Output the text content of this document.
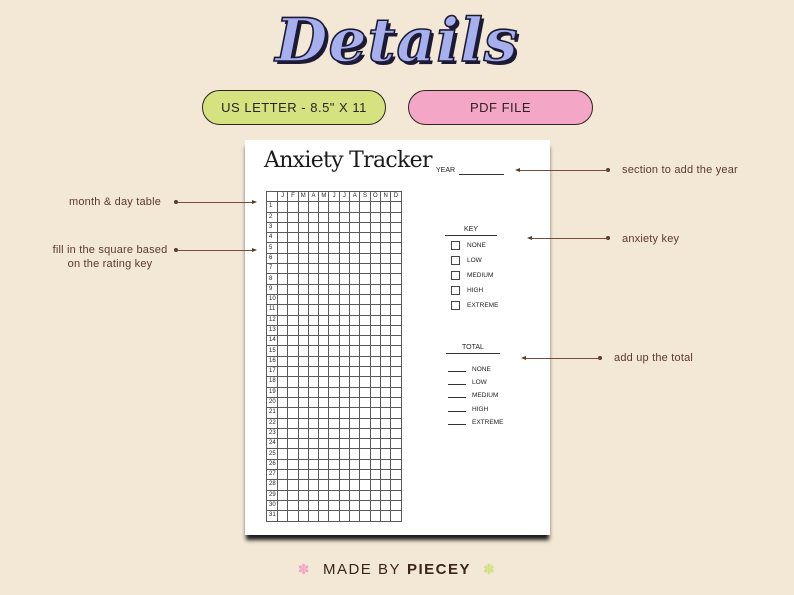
Details
US LETTER - 8.5" X 11	PDF FILE
Anxiety Tracker YEAR
	J	F	M	A	M	J	J	A	S	O	N	D
1												
2												
3												
4												
5												
6												
7												
8												
9												
10												
11												
12												
13												
14												
15												
16												
17												
18												
19												
20												
21												
22												
23												
24												
25												
26												
27												
28												
29												
30												
31												
KEY
NONE
LOW
MEDIUM
HIGH
EXTREME
TOTAL
NONE
LOW
MEDIUM
HIGH
EXTREME
section to add the year
month & day table
fill in the square based
on the rating key
anxiety key
add up the total
✽ MADE BY PIECEY ✽
